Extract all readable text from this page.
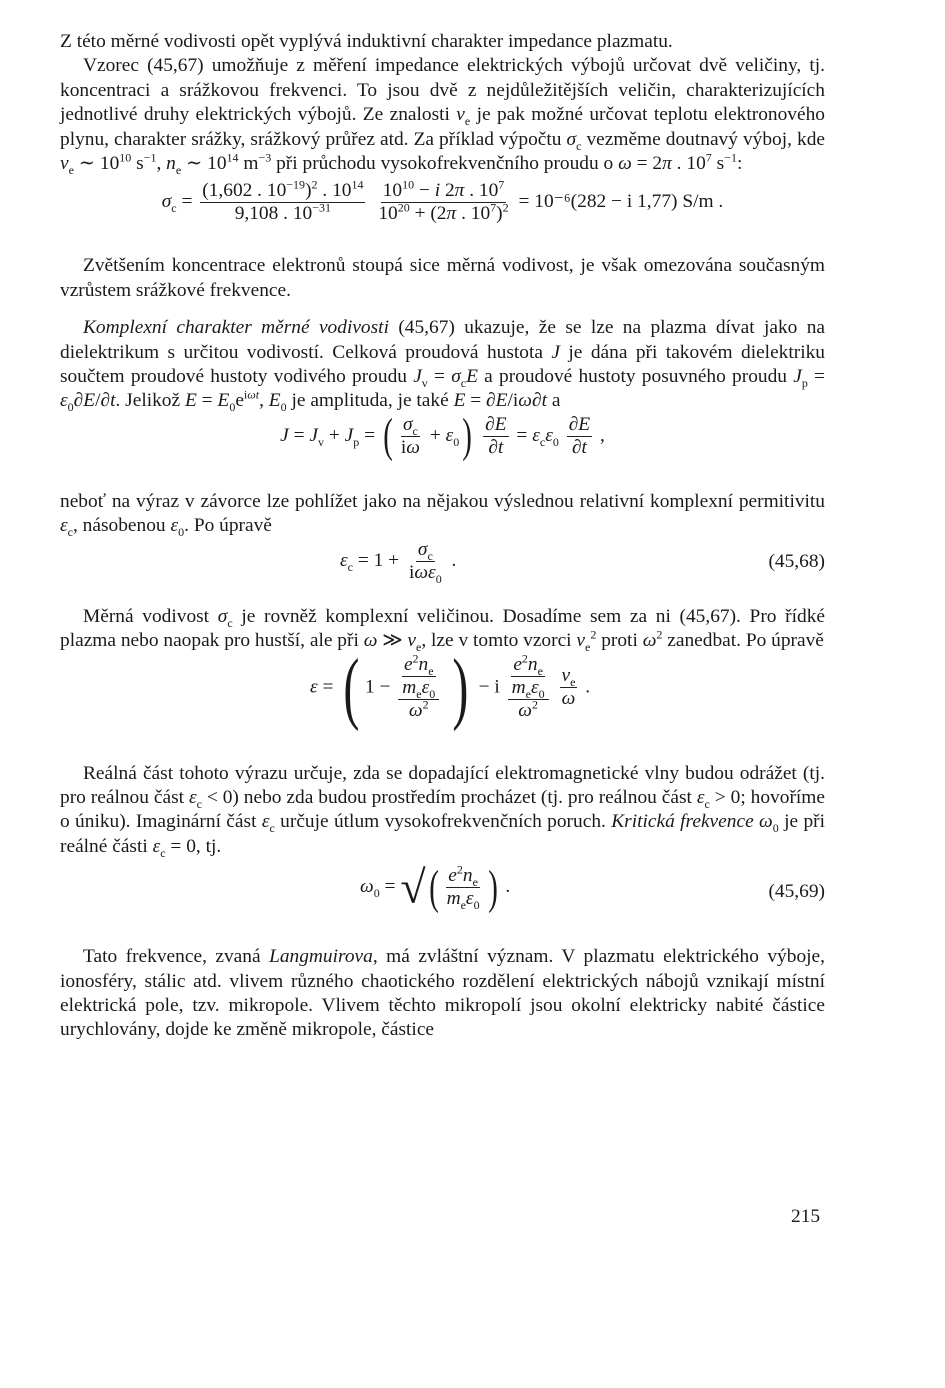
Z této měrné vodivosti opět vyplývá induktivní charakter impedance plazmatu.

Vzorec (45,67) umožňuje z měření impedance elektrických výbojů určovat dvě veličiny, tj. koncentraci a srážkovou frekvenci. To jsou dvě z nejdůležitějších veličin, charakterizujících jednotlivé druhy elektrických výbojů. Ze znalosti $\nu_e$ je pak možné určovat teplotu elektronového plynu, charakter srážky, srážkový průřez atd. Za příklad výpočtu $\sigma_c$ vezměme doutnavý výboj, kde $\nu_e$ ∼ $10^{10}$ $s^{-1}$, $n_e$ ∼ $10^{14}$ $m^{-3}$ při průchodu vysokofrekvenčního proudu o ω = 2π . $10^7$ $s^{-1}$:

$\sigma_c = \frac{(1,602 . 10^{-19})^2 . 10^{14}}{9,108 . 10^{-31}}$
$\frac{10^{10} - i 2\pi . 10^7}{10^{20} + (2\pi . 10^7)^2} = 10^{-6}(282 - i$ 1,77) S/m .

Zvětšením koncentrace elektronů stoupá sice měrná vodivost, je však omezována současným vzrůstem srážkové frekvence.

Komplexní charakter měrné vodivosti (45,67) ukazuje, že se lze na plazma dívat jako na dielektrikum s určitou vodivostí. Celková proudová hustota J je dána při takovém dielektriku součtem proudové hustoty vodivého proudu $J_v = \sigma_cE$ a proudové hustoty posuvného proudu $J_p = \varepsilon_0\partial E/\partial t$. Jelikož $E = E_0e^{i\omega t}$, $E_0$ je amplituda, je také E = ∂E/iω∂t a

$J = J_v + J_p$ = ( $\frac{\sigma_c}{i\omega} + \varepsilon_0) \frac{\partial E}{\partial t} = \varepsilon_c\varepsilon_0 \frac{\partial E}{\partial t}$ ,

neboť na výraz v závorce lze pohlížet jako na nějakou výslednou relativní komplexní permitivitu $\varepsilon_c$, násobenou $\varepsilon_0$. Po úpravě

$\varepsilon_c = 1 + \frac{\sigma_c}{i\omega\varepsilon_0}$ .	(45,68)

Měrná vodivost $\sigma_c$ je rovněž komplexní veličinou. Dosadíme sem za ni (45,67). Pro řídké plazma nebo naopak pro hustší, ale při ω ≫ $\nu_e$, lze v tomto vzorci $\nu_e^2$ proti $\omega^2$ zanedbat. Po úpravě

ε = ( $1 - \frac{\frac{e^2n_e}{m_e\varepsilon_0}}{\omega^2}$ ) − i $\frac{\frac{e^2n_e}{m_e\varepsilon_0}}{\omega^2}$
$\frac{\nu_e}{\omega}$ .

Reálná část tohoto výrazu určuje, zda se dopadající elektromagnetické vlny budou odrážet (tj. pro reálnou část $\varepsilon_c < 0$) nebo zda budou prostředím procházet (tj. pro reálnou část $\varepsilon_c > 0$; hovoříme o úniku). Imaginární část $\varepsilon_c$ určuje útlum vysokofrekvenčních poruch. Kritická frekvence $\omega_0$ je při reálné části $\varepsilon_c = 0$, tj.

$\omega_0$ = √( $\frac{e^2n_e}{m_e\varepsilon_0}$ ) .	(45,69)

Tato frekvence, zvaná Langmuirova, má zvláštní význam. V plazmatu elektrického výboje, ionosféry, stálic atd. vlivem různého chaotického rozdělení elektrických nábojů vznikají místní elektrická pole, tzv. mikropole. Vlivem těchto mikropolí jsou okolní elektricky nabité částice urychlovány, dojde ke změně mikropole, částice

215
